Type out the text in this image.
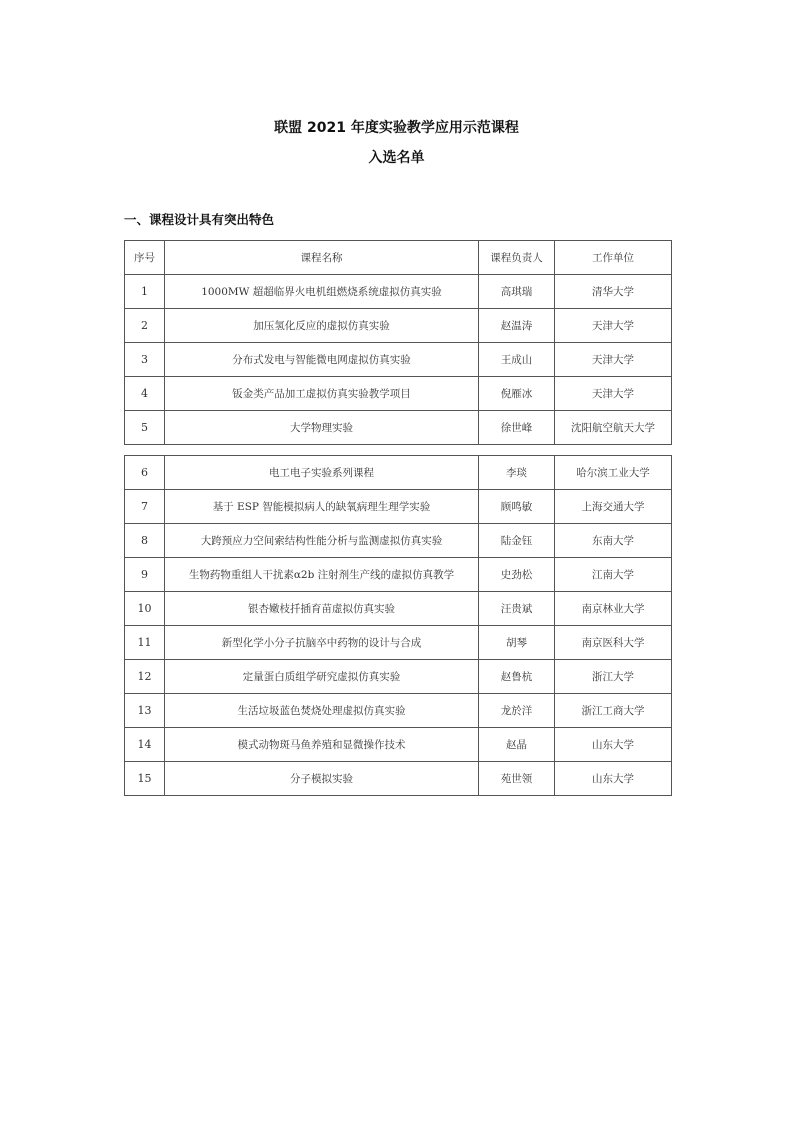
联盟 2021 年度实验教学应用示范课程
入选名单
一、课程设计具有突出特色
序号	课程名称	课程负责人	工作单位
1	1000MW 超超临界火电机组燃烧系统虚拟仿真实验	高琪瑞	清华大学
2	加压氢化反应的虚拟仿真实验	赵温涛	天津大学
3	分布式发电与智能微电网虚拟仿真实验	王成山	天津大学
4	钣金类产品加工虚拟仿真实验教学项目	倪雁冰	天津大学
5	大学物理实验	徐世峰	沈阳航空航天大学
6	电工电子实验系列课程	李琰	哈尔滨工业大学
7	基于 ESP 智能模拟病人的缺氧病理生理学实验	顾鸣敏	上海交通大学
8	大跨预应力空间索结构性能分析与监测虚拟仿真实验	陆金钰	东南大学
9	生物药物重组人干扰素α2b 注射剂生产线的虚拟仿真教学	史劲松	江南大学
10	银杏嫩枝扦插育苗虚拟仿真实验	汪贵斌	南京林业大学
11	新型化学小分子抗脑卒中药物的设计与合成	胡琴	南京医科大学
12	定量蛋白质组学研究虚拟仿真实验	赵鲁杭	浙江大学
13	生活垃圾蓝色焚烧处理虚拟仿真实验	龙於洋	浙江工商大学
14	模式动物斑马鱼养殖和显微操作技术	赵晶	山东大学
15	分子模拟实验	苑世领	山东大学
